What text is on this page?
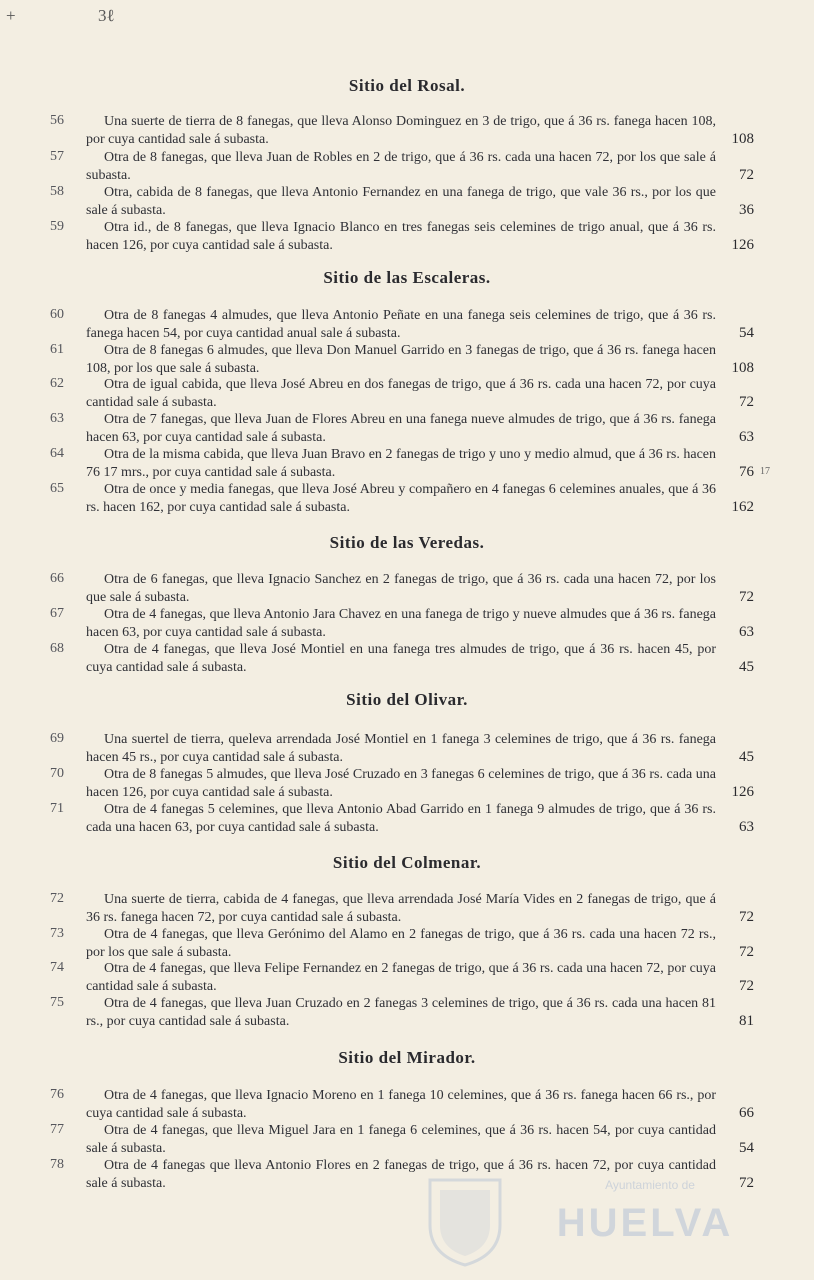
+	3ℓ
Ayuntamiento de
HUELVA
Sitio del Rosal.
56	Una suerte de tierra de 8 fanegas, que lleva Alonso Dominguez en 3 de trigo, que á 36 rs. fanega hacen 108, por cuya cantidad sale á subasta.	108
57	Otra de 8 fanegas, que lleva Juan de Robles en 2 de trigo, que á 36 rs. cada una hacen 72, por los que sale á subasta.	72
58	Otra, cabida de 8 fanegas, que lleva Antonio Fernandez en una fanega de trigo, que vale 36 rs., por los que sale á subasta.	36
59	Otra id., de 8 fanegas, que lleva Ignacio Blanco en tres fanegas seis celemines de trigo anual, que á 36 rs. hacen 126, por cuya cantidad sale á subasta.	126
Sitio de las Escaleras.
60	Otra de 8 fanegas 4 almudes, que lleva Antonio Peñate en una fanega seis celemines de trigo, que á 36 rs. fanega hacen 54, por cuya cantidad anual sale á subasta.	54
61	Otra de 8 fanegas 6 almudes, que lleva Don Manuel Garrido en 3 fanegas de trigo, que á 36 rs. fanega hacen 108, por los que sale á subasta.	108
62	Otra de igual cabida, que lleva José Abreu en dos fanegas de trigo, que á 36 rs. cada una hacen 72, por cuya cantidad sale á subasta.	72
63	Otra de 7 fanegas, que lleva Juan de Flores Abreu en una fanega nueve almudes de trigo, que á 36 rs. fanega hacen 63, por cuya cantidad sale á subasta.	63
64	Otra de la misma cabida, que lleva Juan Bravo en 2 fanegas de trigo y uno y medio almud, que á 36 rs. hacen 76 17 mrs., por cuya cantidad sale á subasta.	76 17
65	Otra de once y media fanegas, que lleva José Abreu y compañero en 4 fanegas 6 celemines anuales, que á 36 rs. hacen 162, por cuya cantidad sale á subasta.	162
Sitio de las Veredas.
66	Otra de 6 fanegas, que lleva Ignacio Sanchez en 2 fanegas de trigo, que á 36 rs. cada una hacen 72, por los que sale á subasta.	72
67	Otra de 4 fanegas, que lleva Antonio Jara Chavez en una fanega de trigo y nueve almudes que á 36 rs. fanega hacen 63, por cuya cantidad sale á subasta.	63
68	Otra de 4 fanegas, que lleva José Montiel en una fanega tres almudes de trigo, que á 36 rs. hacen 45, por cuya cantidad sale á subasta.	45
Sitio del Olivar.
69	Una suertel de tierra, queleva arrendada José Montiel en 1 fanega 3 celemines de trigo, que á 36 rs. fanega hacen 45 rs., por cuya cantidad sale á subasta.	45
70	Otra de 8 fanegas 5 almudes, que lleva José Cruzado en 3 fanegas 6 celemines de trigo, que á 36 rs. cada una hacen 126, por cuya cantidad sale á subasta.	126
71	Otra de 4 fanegas 5 celemines, que lleva Antonio Abad Garrido en 1 fanega 9 almudes de trigo, que á 36 rs. cada una hacen 63, por cuya cantidad sale á subasta.	63
Sitio del Colmenar.
72	Una suerte de tierra, cabida de 4 fanegas, que lleva arrendada José María Vides en 2 fanegas de trigo, que á 36 rs. fanega hacen 72, por cuya cantidad sale á subasta.	72
73	Otra de 4 fanegas, que lleva Gerónimo del Alamo en 2 fanegas de trigo, que á 36 rs. cada una hacen 72 rs., por los que sale á subasta.	72
74	Otra de 4 fanegas, que lleva Felipe Fernandez en 2 fanegas de trigo, que á 36 rs. cada una hacen 72, por cuya cantidad sale á subasta.	72
75	Otra de 4 fanegas, que lleva Juan Cruzado en 2 fanegas 3 celemines de trigo, que á 36 rs. cada una hacen 81 rs., por cuya cantidad sale á subasta.	81
Sitio del Mirador.
76	Otra de 4 fanegas, que lleva Ignacio Moreno en 1 fanega 10 celemines, que á 36 rs. fanega hacen 66 rs., por cuya cantidad sale á subasta.	66
77	Otra de 4 fanegas, que lleva Miguel Jara en 1 fanega 6 celemines, que á 36 rs. hacen 54, por cuya cantidad sale á subasta.	54
78	Otra de 4 fanegas que lleva Antonio Flores en 2 fanegas de trigo, que á 36 rs. hacen 72, por cuya cantidad sale á subasta.	72
